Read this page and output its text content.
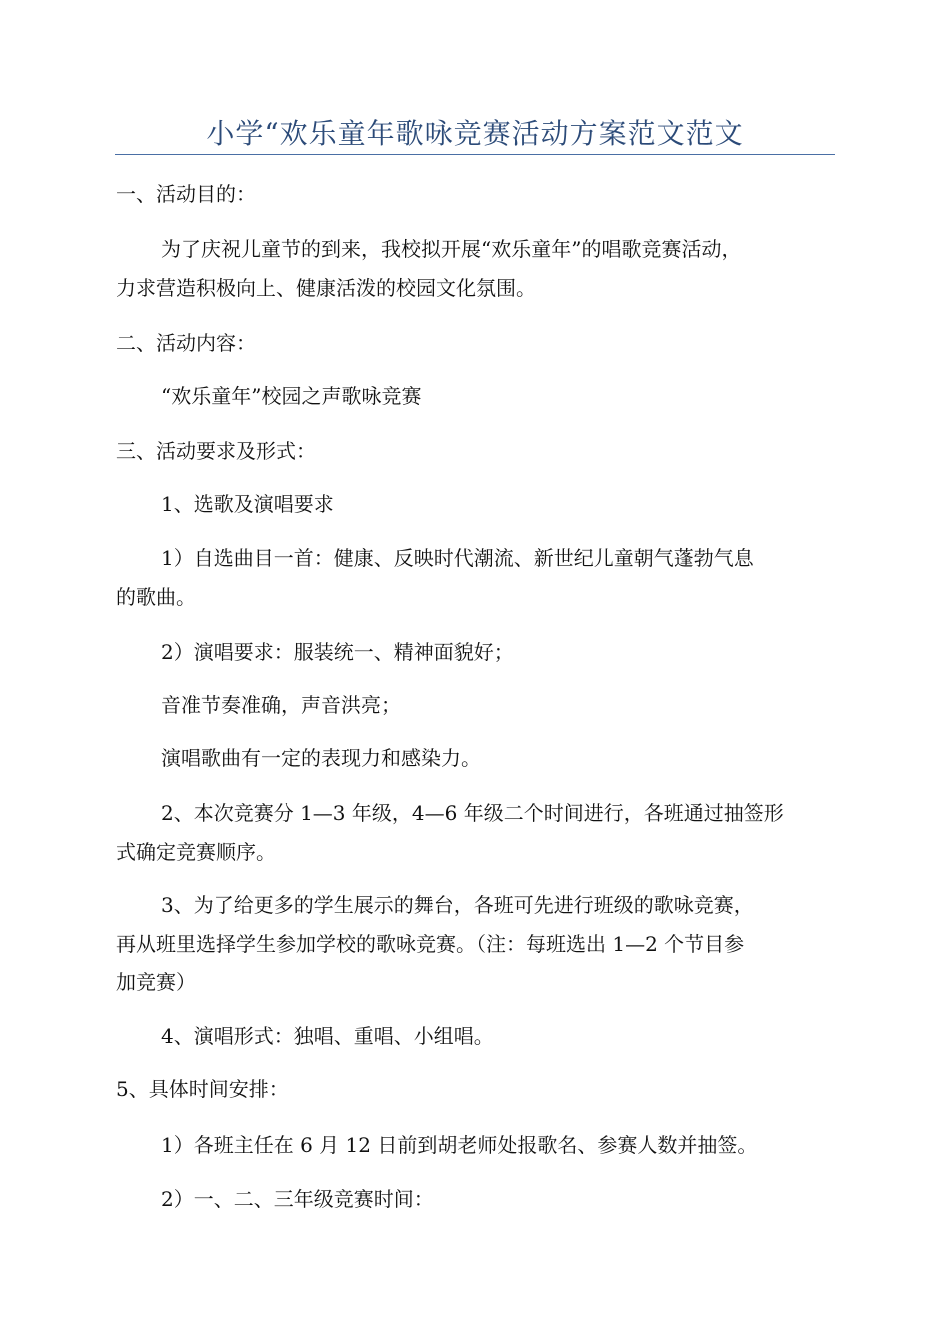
小学“欢乐童年歌咏竞赛活动方案范文范文
一、活动目的：
为了庆祝儿童节的到来，我校拟开展“欢乐童年”的唱歌竞赛活动，
力求营造积极向上、健康活泼的校园文化氛围。
二、活动内容：
“欢乐童年”校园之声歌咏竞赛
三、活动要求及形式：
1、选歌及演唱要求
1）自选曲目一首：健康、反映时代潮流、新世纪儿童朝气蓬勃气息
的歌曲。
2）演唱要求：服装统一、精神面貌好；
音准节奏准确，声音洪亮；
演唱歌曲有一定的表现力和感染力。
2、本次竞赛分 1—3 年级，4—6 年级二个时间进行，各班通过抽签形
式确定竞赛顺序。
3、为了给更多的学生展示的舞台，各班可先进行班级的歌咏竞赛，
再从班里选择学生参加学校的歌咏竞赛。（注：每班选出 1—2 个节目参
加竞赛）
4、演唱形式：独唱、重唱、小组唱。
5、具体时间安排：
1）各班主任在 6 月 12 日前到胡老师处报歌名、参赛人数并抽签。
2）一、二、三年级竞赛时间：
